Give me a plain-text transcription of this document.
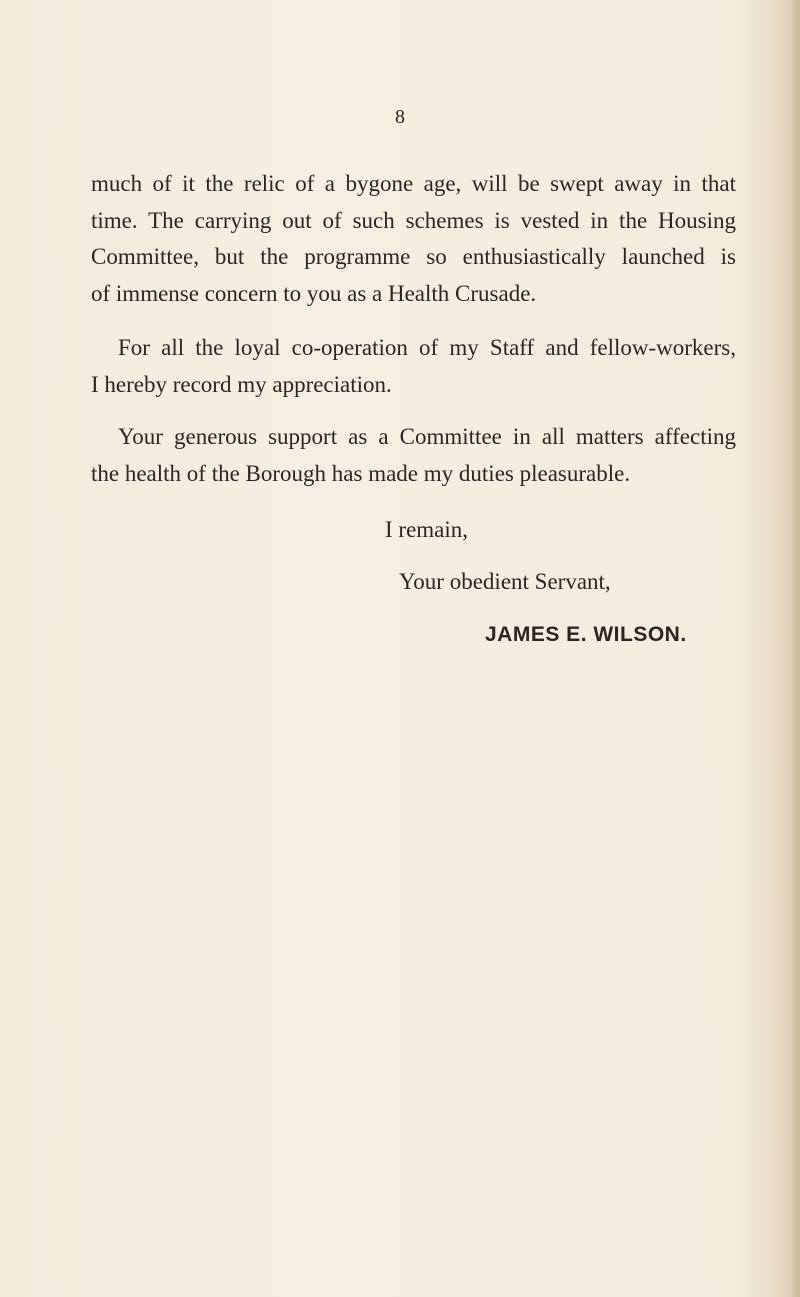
8

much of it the relic of a bygone age, will be swept away in that
time. The carrying out of such schemes is vested in the Housing
Committee, but the programme so enthusiastically launched is
of immense concern to you as a Health Crusade.

For all the loyal co-operation of my Staff and fellow-workers,
I hereby record my appreciation.

Your generous support as a Committee in all matters affecting
the health of the Borough has made my duties pleasurable.

I remain,
Your obedient Servant,
JAMES E. WILSON.
